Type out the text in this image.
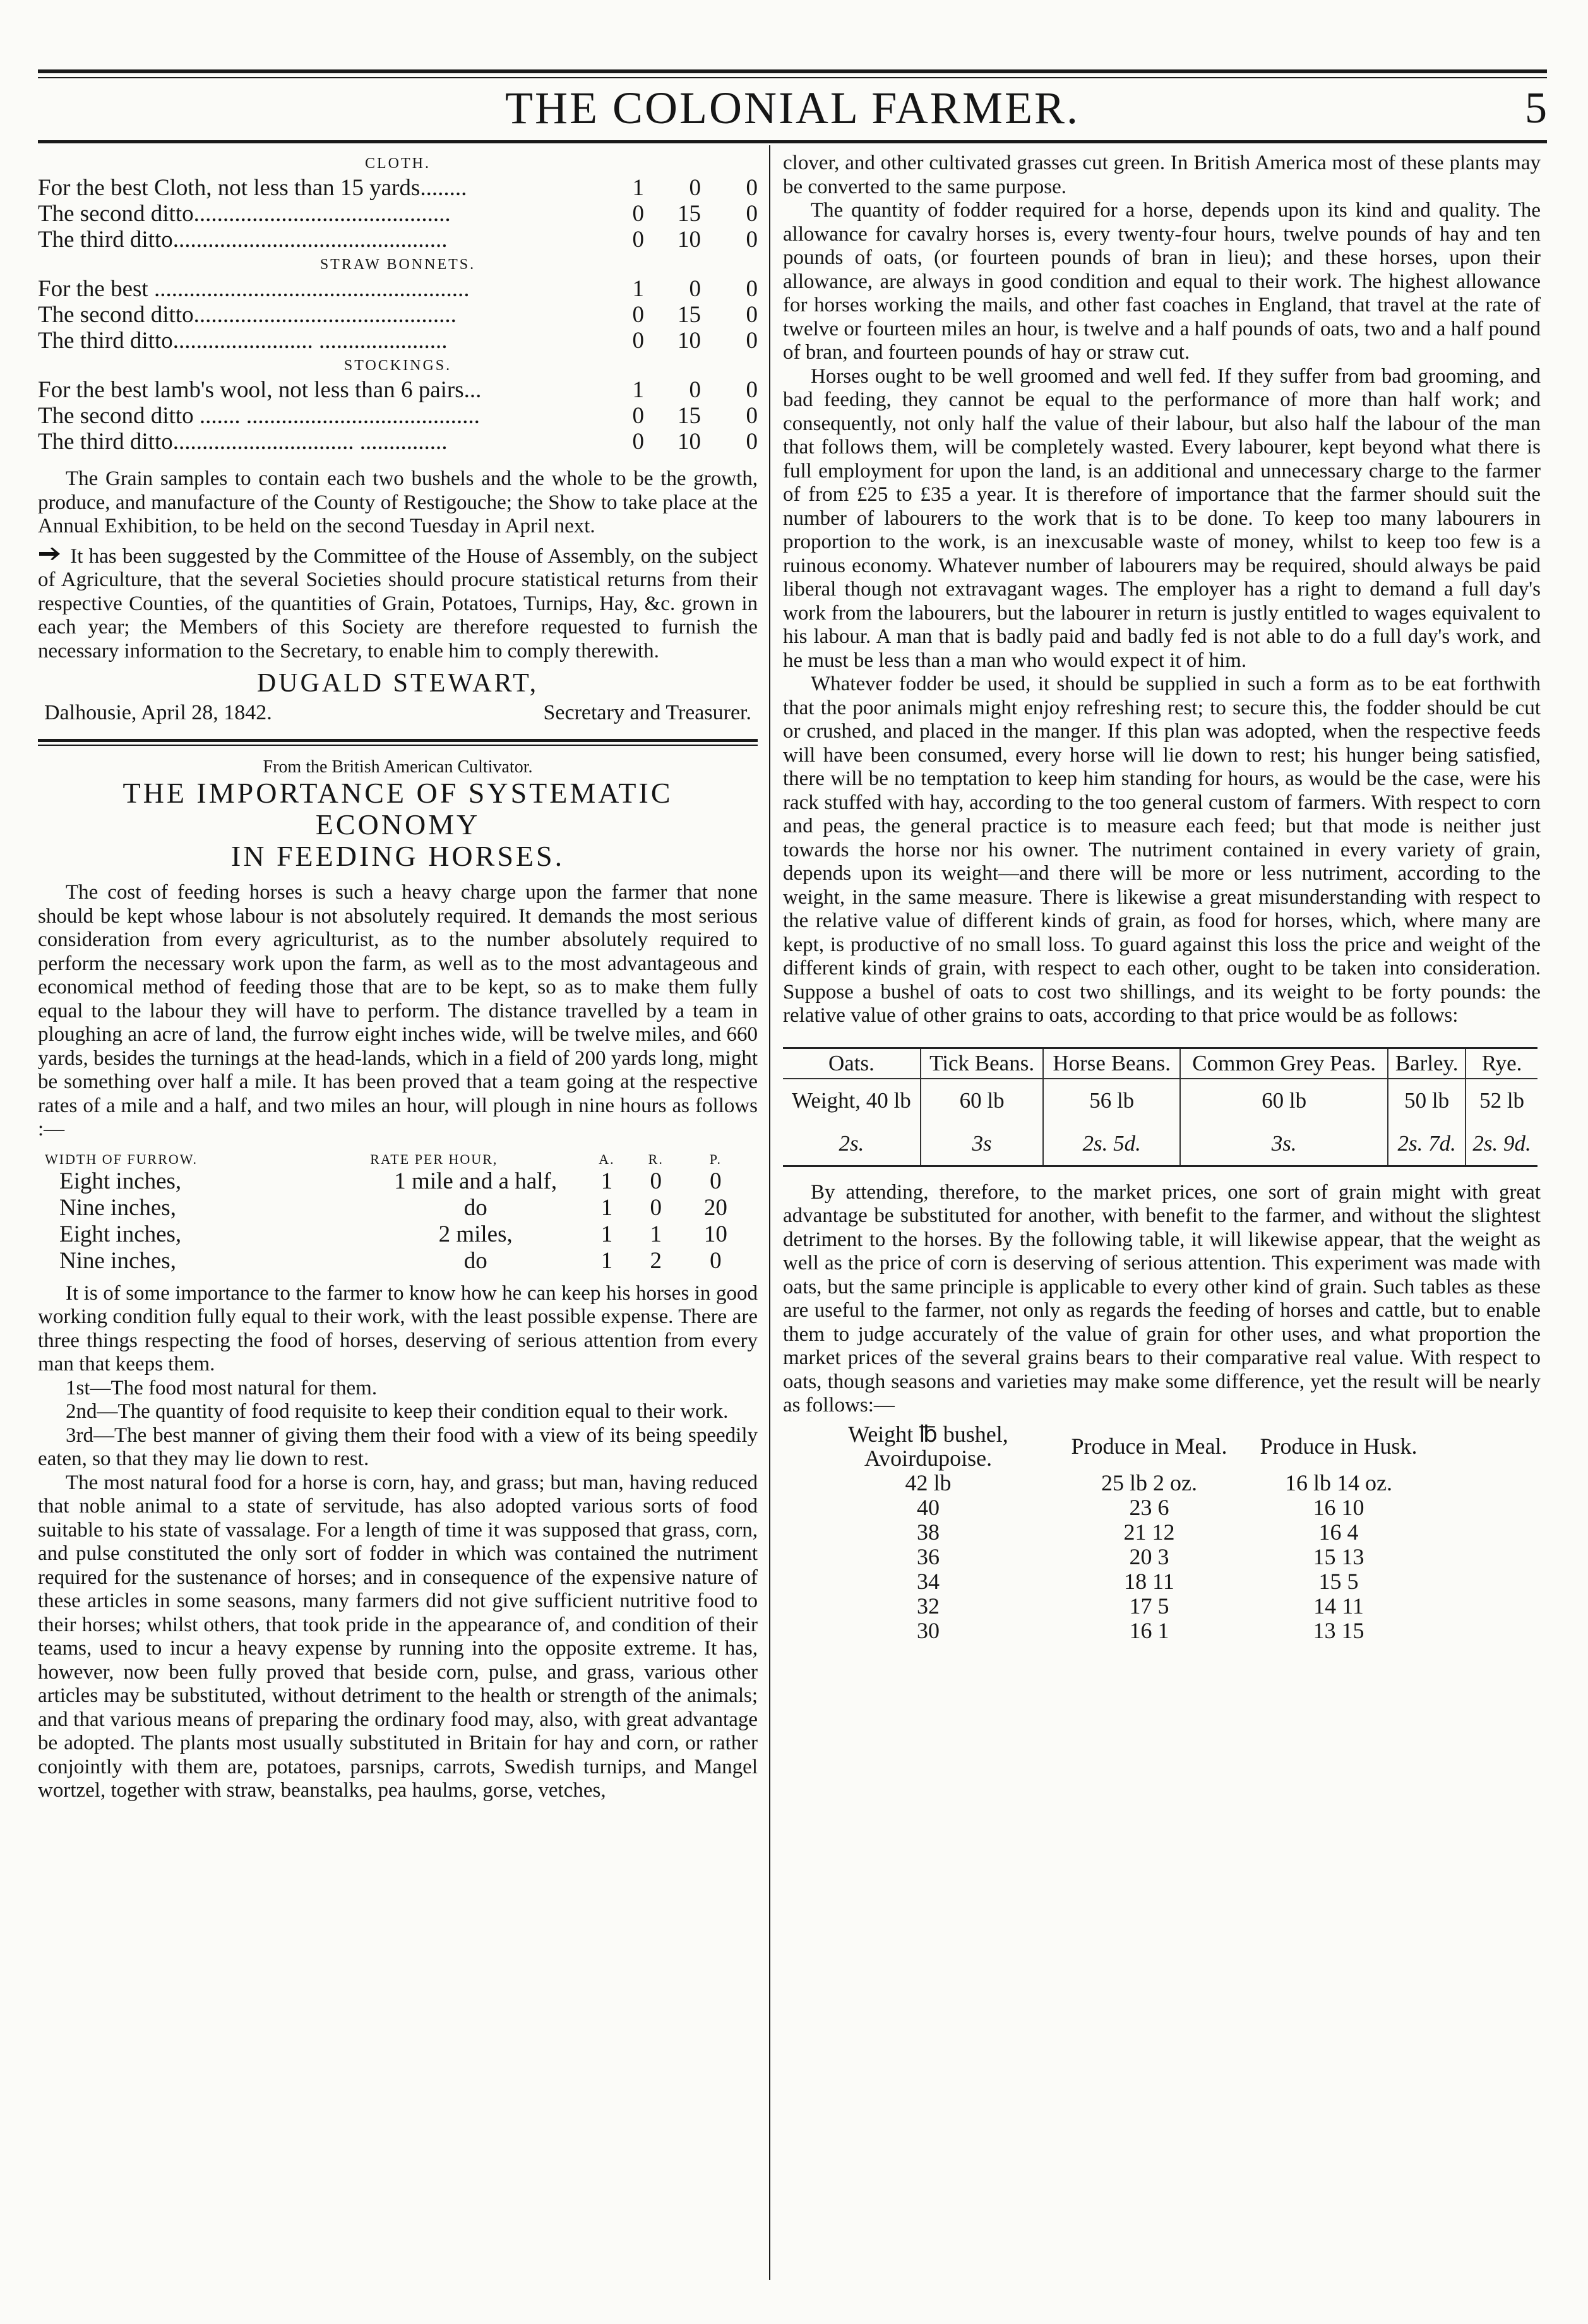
THE COLONIAL FARMER.	5
CLOTH.
For the best Cloth, not less than 15 yards........	1	0	0
The second ditto............................................	0	15	0
The third ditto...............................................	0	10	0
STRAW BONNETS.
For the best ......................................................	1	0	0
The second ditto.............................................	0	15	0
The third ditto........................ ......................	0	10	0
STOCKINGS.
For the best lamb's wool, not less than 6 pairs...	1	0	0
The second ditto ....... ........................................	0	15	0
The third ditto............................... ...............	0	10	0

The Grain samples to contain each two bushels and the whole to be the growth, produce, and manufacture of the County of Restigouche; the Show to take place at the Annual Exhibition, to be held on the second Tuesday in April next.

It has been suggested by the Committee of the House of Assembly, on the subject of Agriculture, that the several Societies should procure statistical returns from their respective Counties, of the quantities of Grain, Potatoes, Turnips, Hay, &c. grown in each year; the Members of this Society are therefore requested to furnish the necessary information to the Secretary, to enable him to comply therewith.

DUGALD STEWART,
Dalhousie, April 28, 1842.	Secretary and Treasurer.
From the British American Cultivator.
THE IMPORTANCE OF SYSTEMATIC ECONOMY
IN FEEDING HORSES.

The cost of feeding horses is such a heavy charge upon the farmer that none should be kept whose labour is not absolutely required. It demands the most serious consideration from every agriculturist, as to the number absolutely required to perform the necessary work upon the farm, as well as to the most advantageous and economical method of feeding those that are to be kept, so as to make them fully equal to the labour they will have to perform. The distance travelled by a team in ploughing an acre of land, the furrow eight inches wide, will be twelve miles, and 660 yards, besides the turnings at the head-lands, which in a field of 200 yards long, might be something over half a mile. It has been proved that a team going at the respective rates of a mile and a half, and two miles an hour, will plough in nine hours as follows :—

WIDTH OF FURROW.	RATE PER HOUR,	A.	R.	P.
Eight inches,	1 mile and a half,	1	0	0
Nine inches,	do	1	0	20
Eight inches,	2 miles,	1	1	10
Nine inches,	do	1	2	0

It is of some importance to the farmer to know how he can keep his horses in good working condition fully equal to their work, with the least possible expense. There are three things respecting the food of horses, deserving of serious attention from every man that keeps them.

1st—The food most natural for them.

2nd—The quantity of food requisite to keep their condition equal to their work.

3rd—The best manner of giving them their food with a view of its being speedily eaten, so that they may lie down to rest.

The most natural food for a horse is corn, hay, and grass; but man, having reduced that noble animal to a state of servitude, has also adopted various sorts of food suitable to his state of vassalage. For a length of time it was supposed that grass, corn, and pulse constituted the only sort of fodder in which was contained the nutriment required for the sustenance of horses; and in consequence of the expensive nature of these articles in some seasons, many farmers did not give sufficient nutritive food to their horses; whilst others, that took pride in the appearance of, and condition of their teams, used to incur a heavy expense by running into the opposite extreme. It has, however, now been fully proved that beside corn, pulse, and grass, various other articles may be substituted, without detriment to the health or strength of the animals; and that various means of preparing the ordinary food may, also, with great advantage be adopted. The plants most usually substituted in Britain for hay and corn, or rather conjointly with them are, potatoes, parsnips, carrots, Swedish turnips, and Mangel wortzel, together with straw, beanstalks, pea haulms, gorse, vetches,

clover, and other cultivated grasses cut green. In British America most of these plants may be converted to the same purpose.

The quantity of fodder required for a horse, depends upon its kind and quality. The allowance for cavalry horses is, every twenty-four hours, twelve pounds of hay and ten pounds of oats, (or fourteen pounds of bran in lieu); and these horses, upon their allowance, are always in good condition and equal to their work. The highest allowance for horses working the mails, and other fast coaches in England, that travel at the rate of twelve or fourteen miles an hour, is twelve and a half pounds of oats, two and a half pound of bran, and fourteen pounds of hay or straw cut.

Horses ought to be well groomed and well fed. If they suffer from bad grooming, and bad feeding, they cannot be equal to the performance of more than half work; and consequently, not only half the value of their labour, but also half the labour of the man that follows them, will be completely wasted. Every labourer, kept beyond what there is full employment for upon the land, is an additional and unnecessary charge to the farmer of from £25 to £35 a year. It is therefore of importance that the farmer should suit the number of labourers to the work that is to be done. To keep too many labourers in proportion to the work, is an inexcusable waste of money, whilst to keep too few is a ruinous economy. Whatever number of labourers may be required, should always be paid liberal though not extravagant wages. The employer has a right to demand a full day's work from the labourers, but the labourer in return is justly entitled to wages equivalent to his labour. A man that is badly paid and badly fed is not able to do a full day's work, and he must be less than a man who would expect it of him.

Whatever fodder be used, it should be supplied in such a form as to be eat forthwith that the poor animals might enjoy refreshing rest; to secure this, the fodder should be cut or crushed, and placed in the manger. If this plan was adopted, when the respective feeds will have been consumed, every horse will lie down to rest; his hunger being satisfied, there will be no temptation to keep him standing for hours, as would be the case, were his rack stuffed with hay, according to the too general custom of farmers. With respect to corn and peas, the general practice is to measure each feed; but that mode is neither just towards the horse nor his owner. The nutriment contained in every variety of grain, depends upon its weight—and there will be more or less nutriment, according to the weight, in the same measure. There is likewise a great misunderstanding with respect to the relative value of different kinds of grain, as food for horses, which, where many are kept, is productive of no small loss. To guard against this loss the price and weight of the different kinds of grain, with respect to each other, ought to be taken into consideration. Suppose a bushel of oats to cost two shillings, and its weight to be forty pounds: the relative value of other grains to oats, according to that price would be as follows:

Oats.	Tick Beans.	Horse Beans.	Common Grey Peas.	Barley.	Rye.
Weight, 40 lb	60 lb	56 lb	60 lb	50 lb	52 lb
2s.	3s	2s. 5d.	3s.	2s. 7d.	2s. 9d.

By attending, therefore, to the market prices, one sort of grain might with great advantage be substituted for another, with benefit to the farmer, and without the slightest detriment to the horses. By the following table, it will likewise appear, that the weight as well as the price of corn is deserving of serious attention. This experiment was made with oats, but the same principle is applicable to every other kind of grain. Such tables as these are useful to the farmer, not only as regards the feeding of horses and cattle, but to enable them to judge accurately of the value of grain for other uses, and what proportion the market prices of the several grains bears to their comparative real value. With respect to oats, though seasons and varieties may make some difference, yet the result will be nearly as follows:—

Weight ℔ bushel, Avoirdupoise.	Produce in Meal.	Produce in Husk.
42 lb	25 lb 2 oz.	16 lb 14 oz.
40	23 6	16 10
38	21 12	16 4
36	20 3	15 13
34	18 11	15 5
32	17 5	14 11
30	16 1	13 15
